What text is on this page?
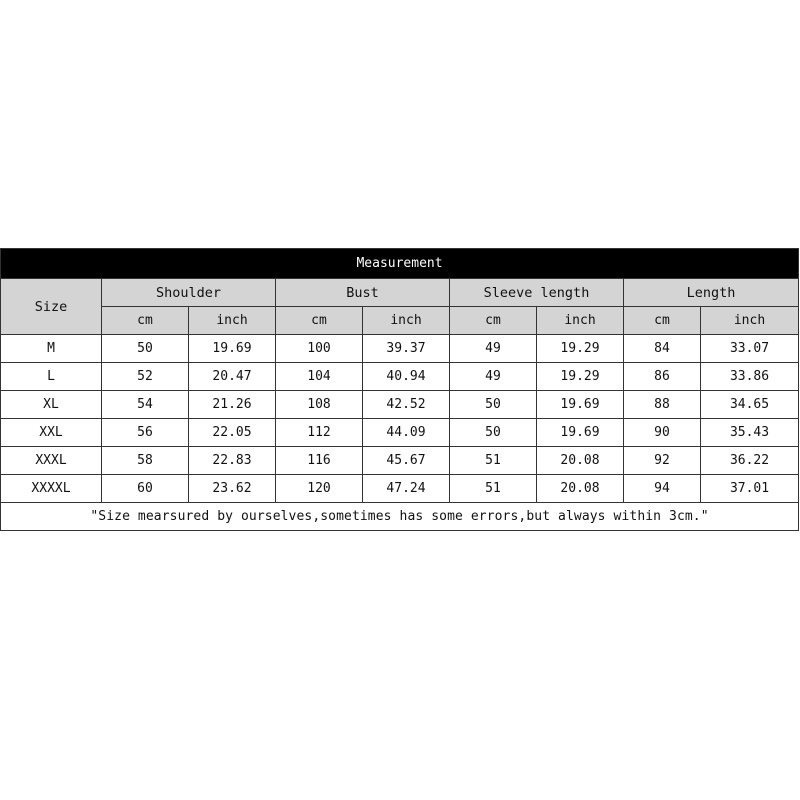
Measurement								
Size	Shoulder		Bust		Sleeve length		Length	
	cm	inch	cm	inch	cm	inch	cm	inch
M	50	19.69	100	39.37	49	19.29	84	33.07
L	52	20.47	104	40.94	49	19.29	86	33.86
XL	54	21.26	108	42.52	50	19.69	88	34.65
XXL	56	22.05	112	44.09	50	19.69	90	35.43
XXXL	58	22.83	116	45.67	51	20.08	92	36.22
XXXXL	60	23.62	120	47.24	51	20.08	94	37.01
"Size mearsured by ourselves,sometimes has some errors,but always within 3cm."								
